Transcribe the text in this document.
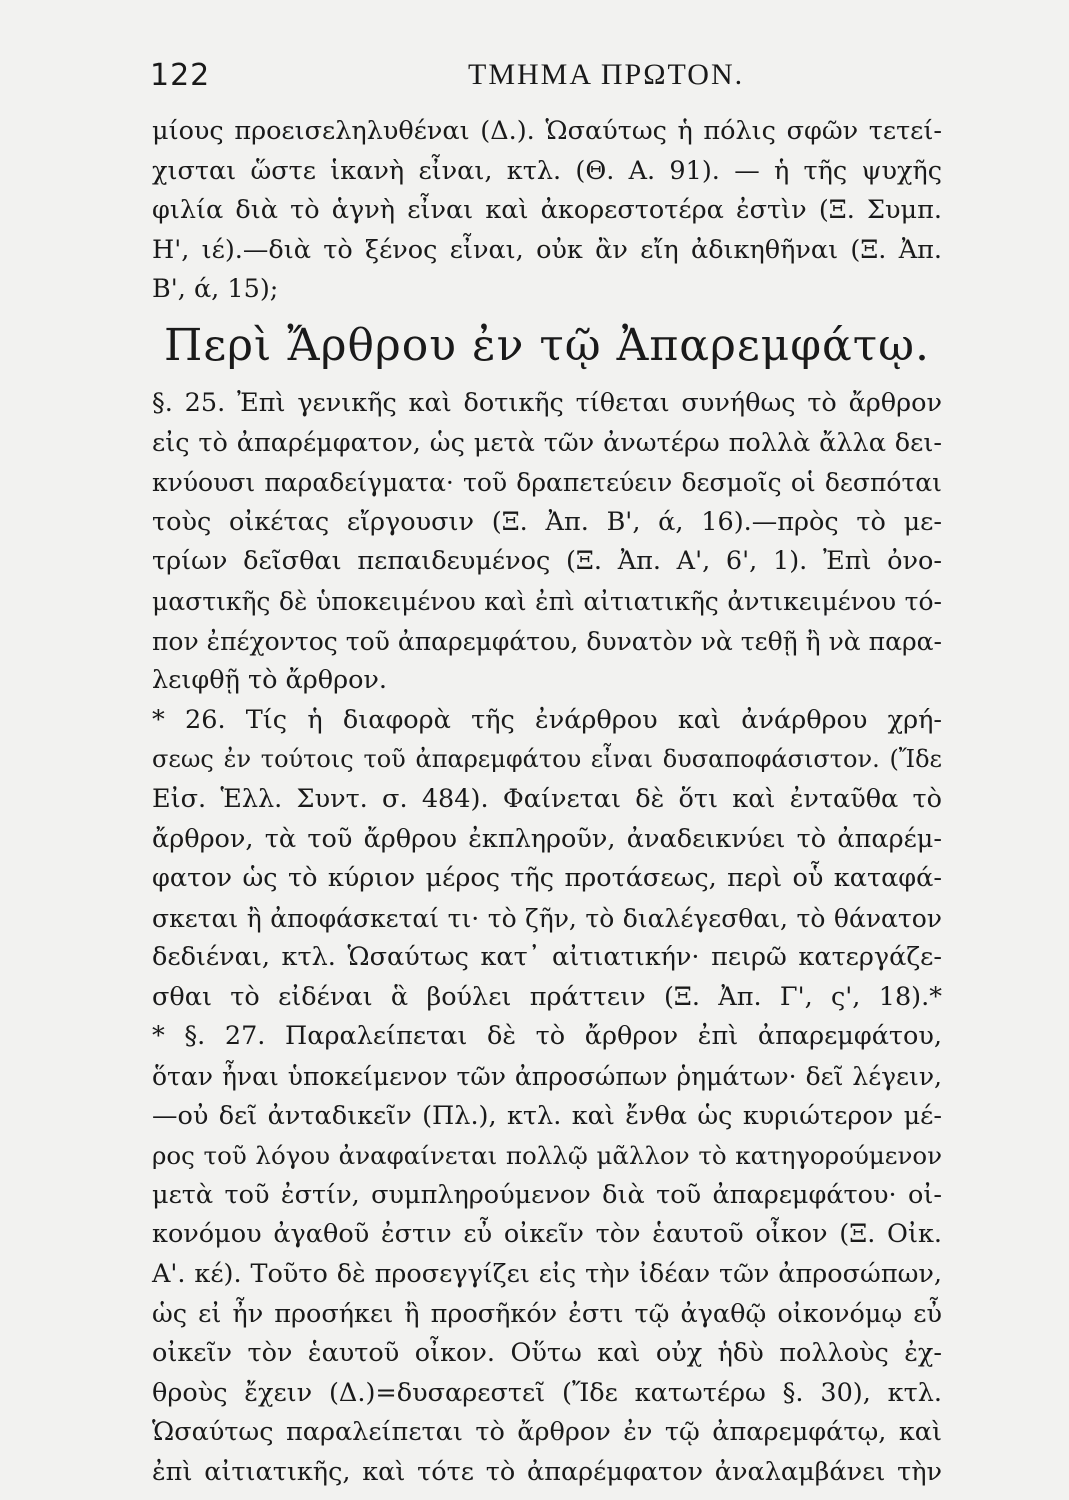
122	ΤΜΗΜΑ ΠΡΩΤΟΝ.
μίους προεισεληλυθέναι (Δ.). Ὡσαύτως ἡ πόλις σφῶν τετεί-
χισται ὥστε ἱκανὴ εἶναι, κτλ. (Θ. Α. 91). — ἡ τῆς ψυχῆς
φιλία διὰ τὸ ἁγνὴ εἶναι καὶ ἀκορεστοτέρα ἐστὶν (Ξ. Συμπ.
Η', ιέ).—διὰ τὸ ξένος εἶναι, οὐκ ἂν εἴη ἀδικηθῆναι (Ξ. Ἀπ.
Β', ά, 15);
Περὶ Ἄρθρου ἐν τῷ Ἀπαρεμφάτῳ.
§. 25. Ἐπὶ γενικῆς καὶ δοτικῆς τίθεται συνήθως τὸ ἄρθρον
εἰς τὸ ἀπαρέμφατον, ὡς μετὰ τῶν ἀνωτέρω πολλὰ ἄλλα δει-
κνύουσι παραδείγματα· τοῦ δραπετεύειν δεσμοῖς οἱ δεσπόται
τοὺς οἰκέτας εἴργουσιν (Ξ. Ἀπ. Β', ά, 16).—πρὸς τὸ με-
τρίων δεῖσθαι πεπαιδευμένος (Ξ. Ἀπ. Α', 6', 1). Ἐπὶ ὀνο-
μαστικῆς δὲ ὑποκειμένου καὶ ἐπὶ αἰτιατικῆς ἀντικειμένου τό-
πον ἐπέχοντος τοῦ ἀπαρεμφάτου, δυνατὸν νὰ τεθῇ ἢ νὰ παρα-
λειφθῇ τὸ ἄρθρον.
* 26. Τίς ἡ διαφορὰ τῆς ἐνάρθρου καὶ ἀνάρθρου χρή-
σεως ἐν τούτοις τοῦ ἀπαρεμφάτου εἶναι δυσαποφάσιστον. (Ἴδε
Εἰσ. Ἑλλ. Συντ. σ. 484). Φαίνεται δὲ ὅτι καὶ ἐνταῦθα τὸ
ἄρθρον, τὰ τοῦ ἄρθρου ἐκπληροῦν, ἀναδεικνύει τὸ ἀπαρέμ-
φατον ὡς τὸ κύριον μέρος τῆς προτάσεως, περὶ οὗ καταφά-
σκεται ἢ ἀποφάσκεταί τι· τὸ ζῆν, τὸ διαλέγεσθαι, τὸ θάνατον
δεδιέναι, κτλ. Ὡσαύτως κατ᾽ αἰτιατικήν· πειρῶ κατεργάζε-
σθαι τὸ εἰδέναι ἃ βούλει πράττειν (Ξ. Ἀπ. Γ', ς', 18).*
* §. 27. Παραλείπεται δὲ τὸ ἄρθρον ἐπὶ ἀπαρεμφάτου,
ὅταν ἦναι ὑποκείμενον τῶν ἀπροσώπων ῥημάτων· δεῖ λέγειν,
—οὐ δεῖ ἀνταδικεῖν (Πλ.), κτλ. καὶ ἔνθα ὡς κυριώτερον μέ-
ρος τοῦ λόγου ἀναφαίνεται πολλῷ μᾶλλον τὸ κατηγορούμενον
μετὰ τοῦ ἐστίν, συμπληρούμενον διὰ τοῦ ἀπαρεμφάτου· οἰ-
κονόμου ἀγαθοῦ ἐστιν εὖ οἰκεῖν τὸν ἑαυτοῦ οἶκον (Ξ. Οἰκ.
Α'. κέ). Τοῦτο δὲ προσεγγίζει εἰς τὴν ἰδέαν τῶν ἀπροσώπων,
ὡς εἰ ἦν προσήκει ἢ προσῆκόν ἐστι τῷ ἀγαθῷ οἰκονόμῳ εὖ
οἰκεῖν τὸν ἑαυτοῦ οἶκον. Οὕτω καὶ οὐχ ἡδὺ πολλοὺς ἐχ-
θροὺς ἔχειν (Δ.)=δυσαρεστεῖ (Ἴδε κατωτέρω §. 30), κτλ.
Ὡσαύτως παραλείπεται τὸ ἄρθρον ἐν τῷ ἀπαρεμφάτῳ, καὶ
ἐπὶ αἰτιατικῆς, καὶ τότε τὸ ἀπαρέμφατον ἀναλαμβάνει τὴν
